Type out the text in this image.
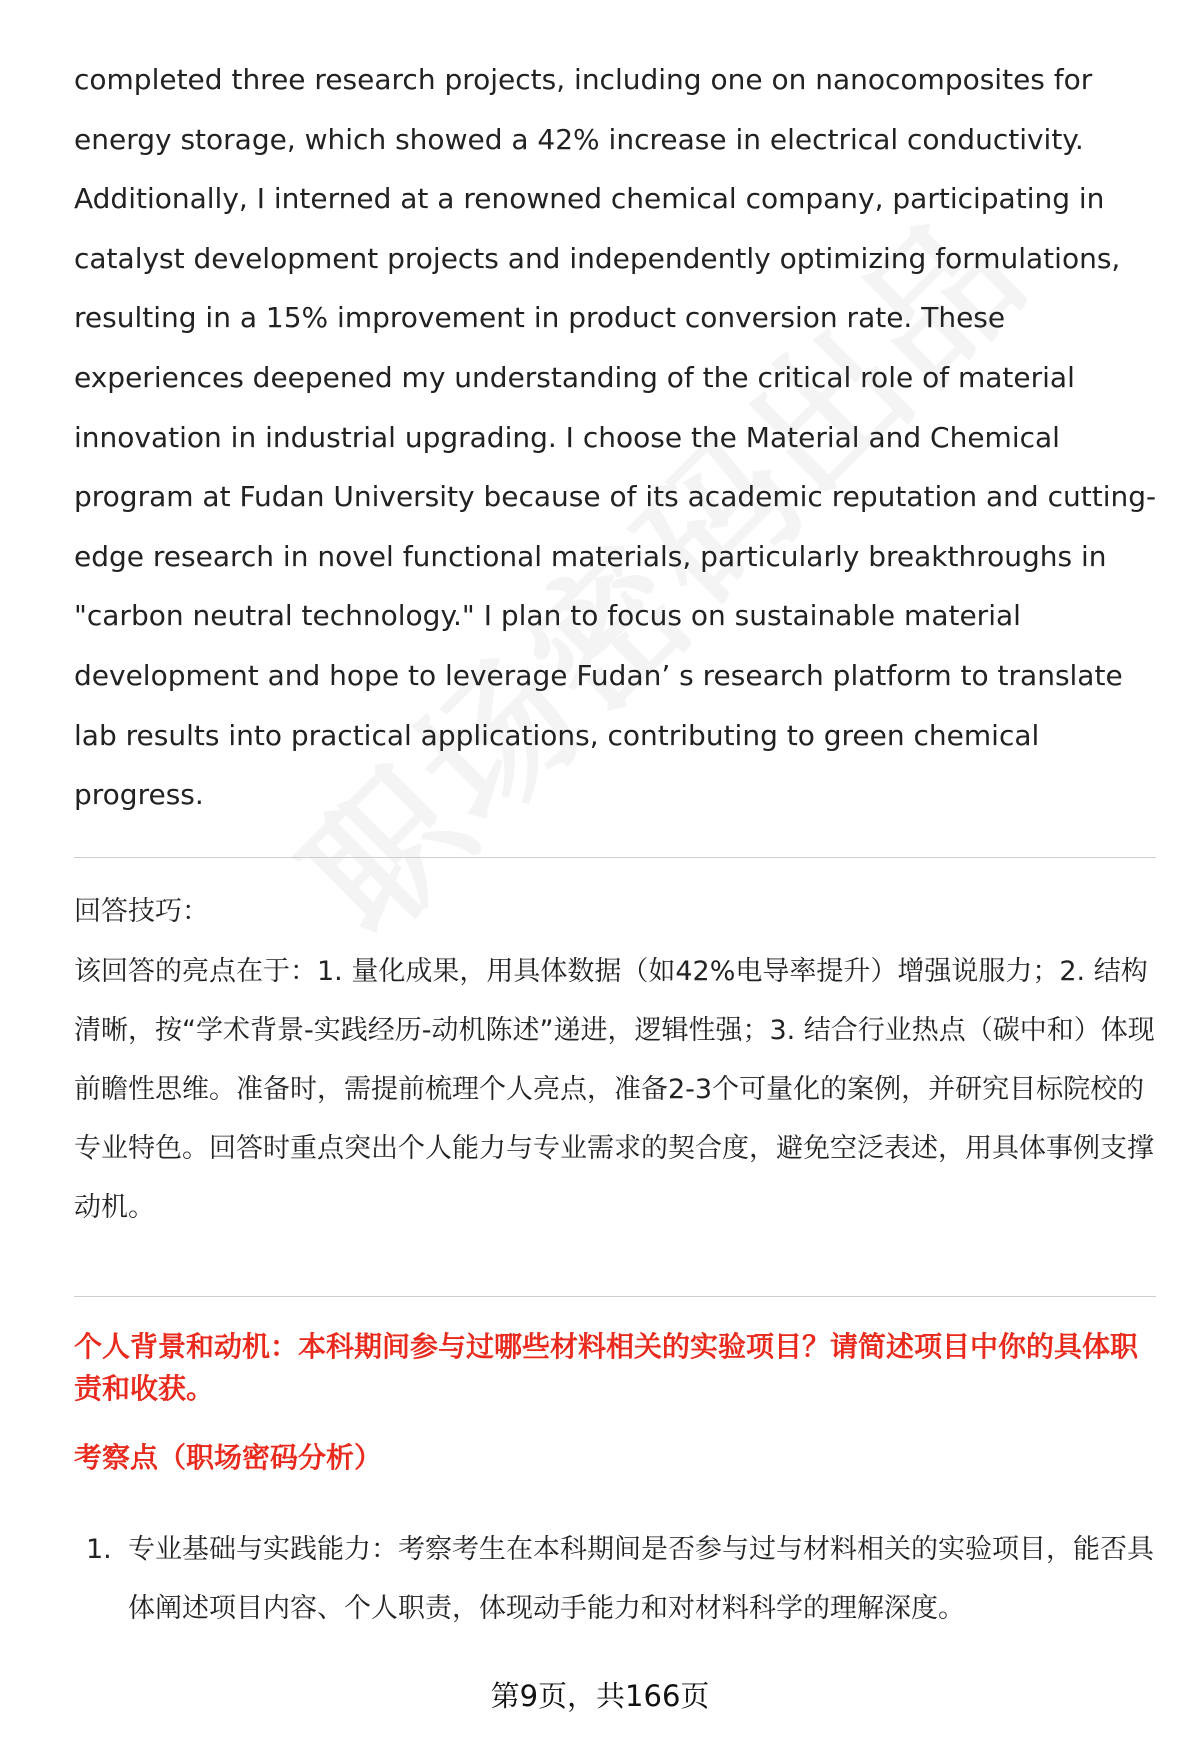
completed three research projects, including one on nanocomposites for energy storage, which showed a 42% increase in electrical conductivity. Additionally, I interned at a renowned chemical company, participating in catalyst development projects and independently optimizing formulations, resulting in a 15% improvement in product conversion rate. These experiences deepened my understanding of the critical role of material innovation in industrial upgrading. I choose the Material and Chemical program at Fudan University because of its academic reputation and cutting-edge research in novel functional materials, particularly breakthroughs in "carbon neutral technology." I plan to focus on sustainable material development and hope to leverage Fudan’ s research platform to translate lab results into practical applications, contributing to green chemical progress.

回答技巧：

该回答的亮点在于：1. 量化成果，用具体数据（如42%电导率提升）增强说服力；2. 结构清晰，按“学术背景-实践经历-动机陈述”递进，逻辑性强；3. 结合行业热点（碳中和）体现前瞻性思维。准备时，需提前梳理个人亮点，准备2-3个可量化的案例，并研究目标院校的专业特色。回答时重点突出个人能力与专业需求的契合度，避免空泛表述，用具体事例支撑动机。

个人背景和动机：本科期间参与过哪些材料相关的实验项目？请简述项目中你的具体职责和收获。

考察点（职场密码分析）

1. 专业基础与实践能力：考察考生在本科期间是否参与过与材料相关的实验项目，能否具体阐述项目内容、个人职责，体现动手能力和对材料科学的理解深度。
第9页，共166页
